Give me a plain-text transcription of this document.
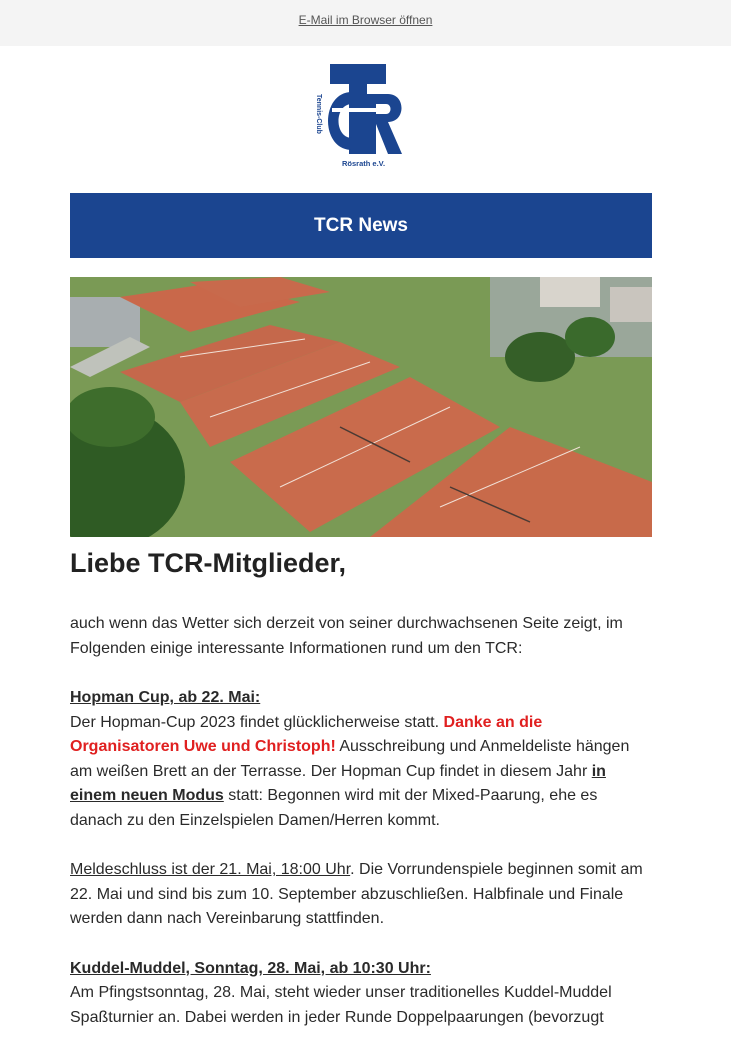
E-Mail im Browser öffnen
Tennis-Club
Rösrath e.V.
TCR News
Liebe TCR-Mitglieder,

auch wenn das Wetter sich derzeit von seiner durchwachsenen Seite zeigt, im Folgenden einige interessante Informationen rund um den TCR:

Hopman Cup, ab 22. Mai:
Der Hopman-Cup 2023 findet glücklicherweise statt. Danke an die Organisatoren Uwe und Christoph! Ausschreibung und Anmeldeliste hängen am weißen Brett an der Terrasse. Der Hopman Cup findet in diesem Jahr in einem neuen Modus statt: Begonnen wird mit der Mixed-Paarung, ehe es danach zu den Einzelspielen Damen/Herren kommt.

Meldeschluss ist der 21. Mai, 18:00 Uhr. Die Vorrundenspiele beginnen somit am 22. Mai und sind bis zum 10. September abzuschließen. Halbfinale und Finale werden dann nach Vereinbarung stattfinden.

Kuddel-Muddel, Sonntag, 28. Mai, ab 10:30 Uhr:
Am Pfingstsonntag, 28. Mai, steht wieder unser traditionelles Kuddel-Muddel Spaßturnier an. Dabei werden in jeder Runde Doppelpaarungen (bevorzugt
